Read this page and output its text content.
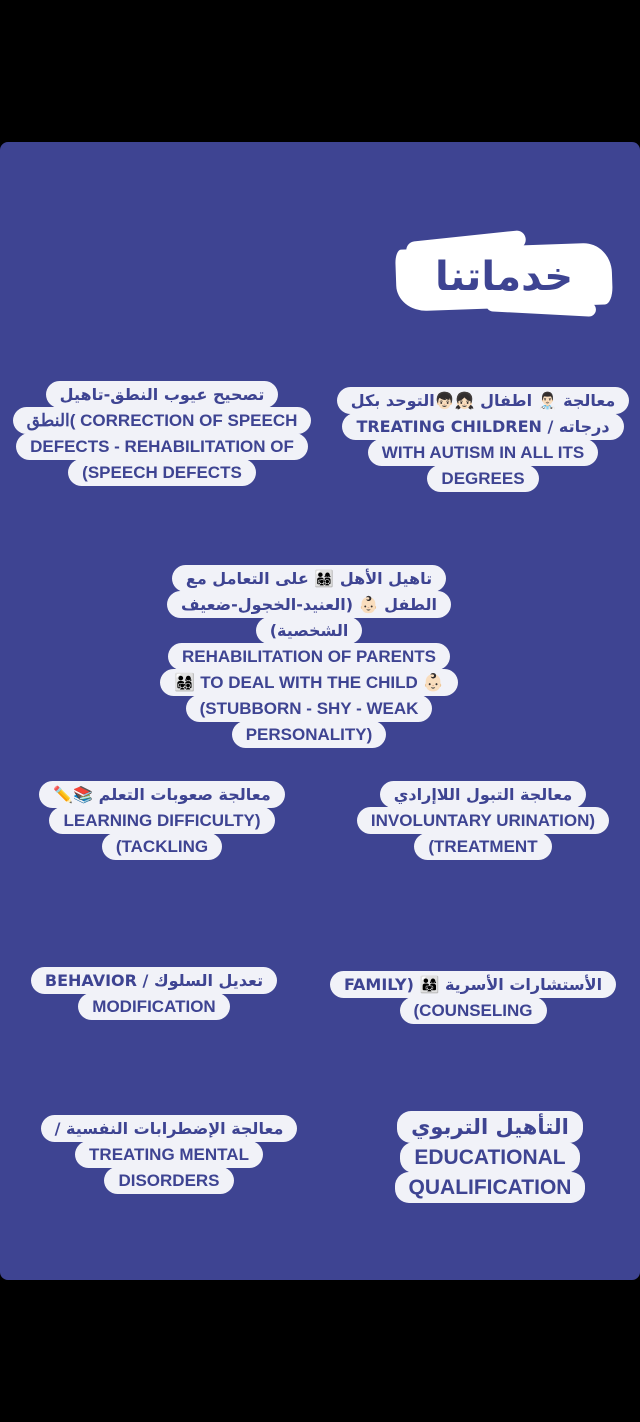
خدماتنا
معالجة 👨🏻‍⚕️ اطفال 👧🏻👦🏻التوحد بكل
درجاته / TREATING CHILDREN
WITH AUTISM IN ALL ITS
DEGREES
تصحيح عيوب النطق-تاهيل
النطق( CORRECTION OF SPEECH
DEFECTS - REHABILITATION OF
(SPEECH DEFECTS
تاهيل الأهل 👨‍👩‍👧‍👦 على التعامل مع
الطفل 👶🏻 (العنيد-الخجول-ضعيف
الشخصية)
REHABILITATION OF PARENTS
👨‍👩‍👧‍👦 TO DEAL WITH THE CHILD 👶🏻
(STUBBORN - SHY - WEAK
PERSONALITY)
معالجة التبول اللاإرادي
INVOLUNTARY URINATION)
(TREATMENT
معالجة صعوبات التعلم 📚✏️
LEARNING DIFFICULTY)
(TACKLING
الأستشارات الأسرية 👨‍👩‍👧 (FAMILY
(COUNSELING
تعديل السلوك / BEHAVIOR
MODIFICATION
التأهيل التربوي
EDUCATIONAL
QUALIFICATION
معالجة الإضطرابات النفسية /
TREATING MENTAL
DISORDERS
